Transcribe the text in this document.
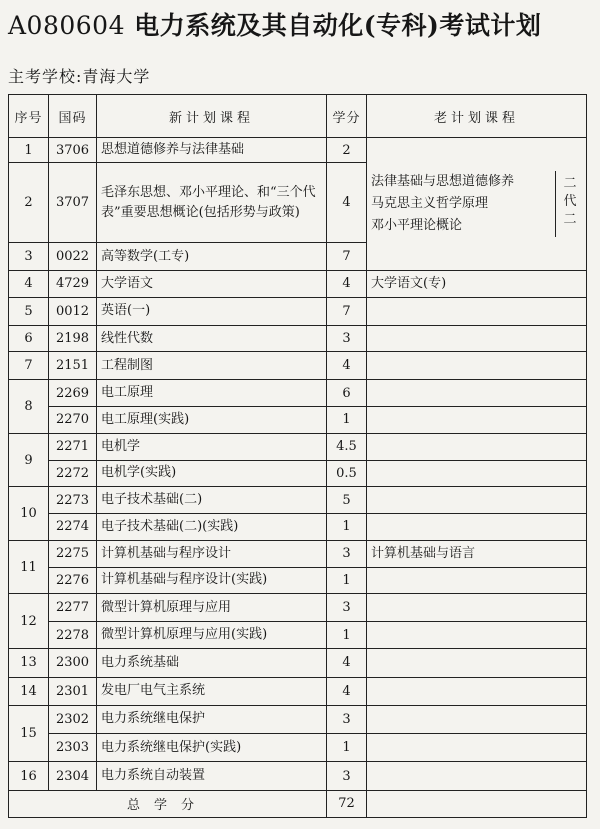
A080604 电力系统及其自动化(专科)考试计划
主考学校:青海大学
序号	国码	新计划课程	学分	老计划课程
1	3706	思想道德修养与法律基础	2	法律基础与思想道德修养
马克思主义哲学原理
邓小平理论概论
二代二

2	3707	毛泽东思想、邓小平理论、和“三个代表”重要思想概论(包括形势与政策)	4	
3	0022	高等数学(工专)	7	
4	4729	大学语文	4	大学语文(专)
5	0012	英语(一)	7	
6	2198	线性代数	3	
7	2151	工程制图	4	
8	2269	电工原理	6	
	2270	电工原理(实践)	1	
9	2271	电机学	4.5	
	2272	电机学(实践)	0.5	
10	2273	电子技术基础(二)	5	
	2274	电子技术基础(二)(实践)	1	
11	2275	计算机基础与程序设计	3	计算机基础与语言
	2276	计算机基础与程序设计(实践)	1	
12	2277	微型计算机原理与应用	3	
	2278	微型计算机原理与应用(实践)	1	
13	2300	电力系统基础	4	
14	2301	发电厂电气主系统	4	
15	2302	电力系统继电保护	3	
	2303	电力系统继电保护(实践)	1	
16	2304	电力系统自动装置	3	
总学分			72	
